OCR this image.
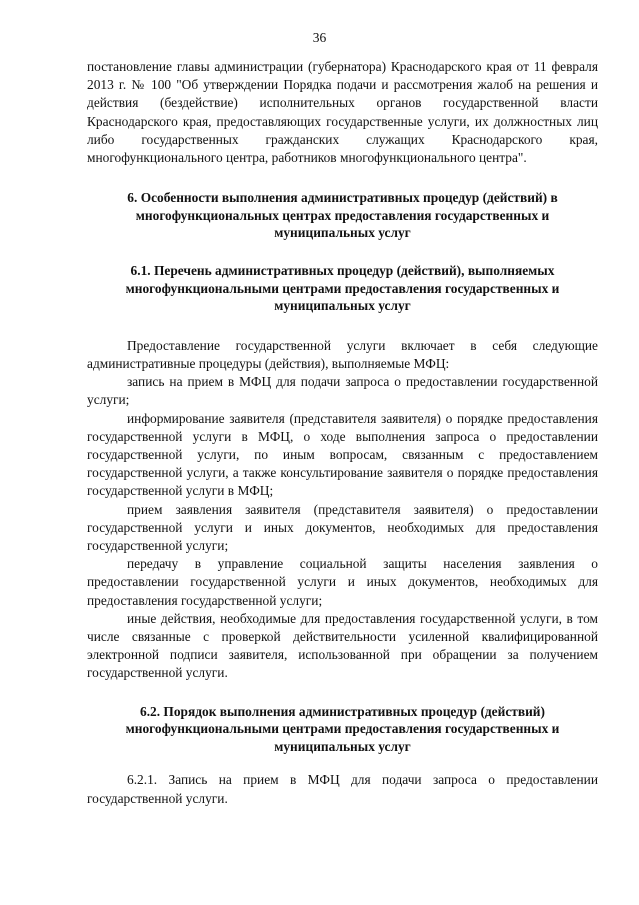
36

постановление главы администрации (губернатора) Краснодарского края от 11 февраля 2013 г. № 100 "Об утверждении Порядка подачи и рассмотрения жалоб на решения и действия (бездействие) исполнительных органов государственной власти Краснодарского края, предоставляющих государственные услуги, их должностных лиц либо государственных гражданских служащих Краснодарского края, многофункционального центра, работников многофункционального центра".

6. Особенности выполнения административных процедур (действий) в многофункциональных центрах предоставления государственных и муниципальных услуг

6.1. Перечень административных процедур (действий), выполняемых многофункциональными центрами предоставления государственных и муниципальных услуг

Предоставление государственной услуги включает в себя следующие административные процедуры (действия), выполняемые МФЦ:

запись на прием в МФЦ для подачи запроса о предоставлении государственной услуги;

информирование заявителя (представителя заявителя) о порядке предоставления государственной услуги в МФЦ, о ходе выполнения запроса о предоставлении государственной услуги, по иным вопросам, связанным с предоставлением государственной услуги, а также консультирование заявителя о порядке предоставления государственной услуги в МФЦ;

прием заявления заявителя (представителя заявителя) о предоставлении государственной услуги и иных документов, необходимых для предоставления государственной услуги;

передачу в управление социальной защиты населения заявления о предоставлении государственной услуги и иных документов, необходимых для предоставления государственной услуги;

иные действия, необходимые для предоставления государственной услуги, в том числе связанные с проверкой действительности усиленной квалифицированной электронной подписи заявителя, использованной при обращении за получением государственной услуги.

6.2. Порядок выполнения административных процедур (действий) многофункциональными центрами предоставления государственных и муниципальных услуг

6.2.1. Запись на прием в МФЦ для подачи запроса о предоставлении государственной услуги.
